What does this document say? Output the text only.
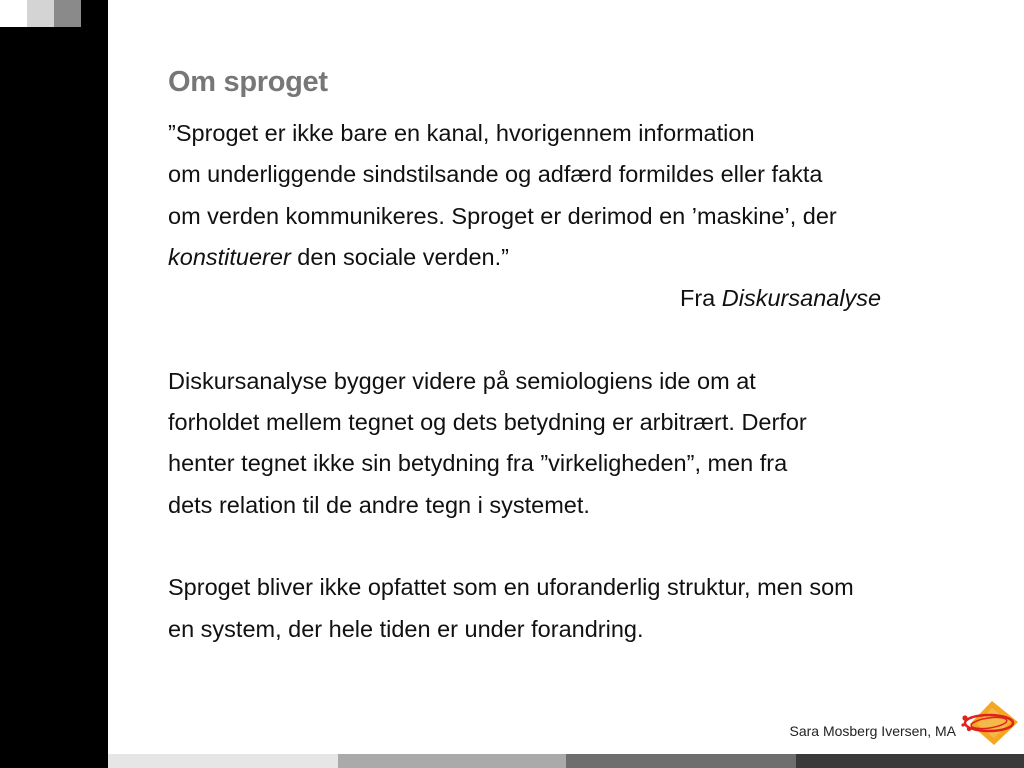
Om sproget
”Sproget er ikke bare en kanal, hvorigennem information
om underliggende sindstilsande og adfærd formildes eller fakta
om verden kommunikeres. Sproget er derimod en ’maskine’, der
konstituerer den sociale verden.”
Fra Diskursanalyse
Diskursanalyse bygger videre på semiologiens ide om at
forholdet mellem tegnet og dets betydning er arbitrært. Derfor
henter tegnet ikke sin betydning fra ”virkeligheden”, men fra
dets relation til de andre tegn i systemet.
Sproget bliver ikke opfattet som en uforanderlig struktur, men som
en system, der hele tiden er under forandring.
Sara Mosberg Iversen, MA
